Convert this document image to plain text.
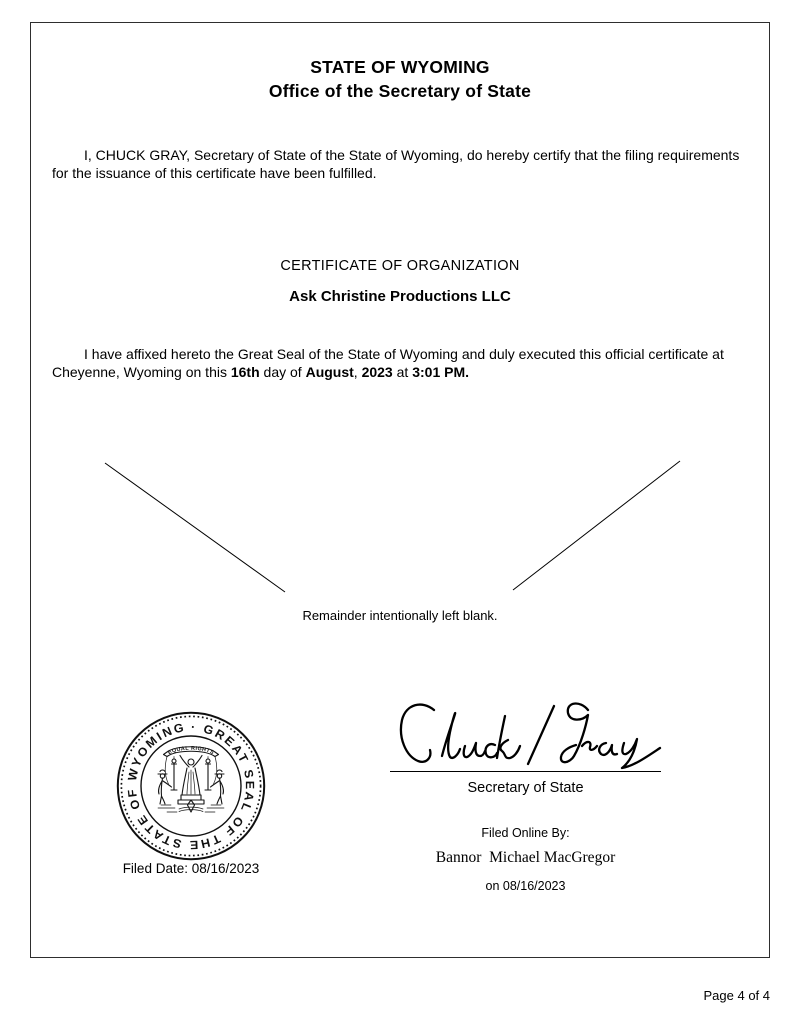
STATE OF WYOMING
Office of the Secretary of State

I, CHUCK GRAY, Secretary of State of the State of Wyoming, do hereby certify that the filing requirements for the issuance of this certificate have been fulfilled.

CERTIFICATE OF ORGANIZATION
Ask Christine Productions LLC

I have affixed hereto the Great Seal of the State of Wyoming and duly executed this official certificate at Cheyenne, Wyoming on this 16th day of August, 2023 at 3:01 PM.

Remainder intentionally left blank.
· GREAT SEAL OF THE STATE OF WYOMING
EQUAL RIGHTS
Filed Date: 08/16/2023
Secretary of State
Filed Online By:
Bannor  Michael MacGregor
on 08/16/2023
Page 4 of 4
